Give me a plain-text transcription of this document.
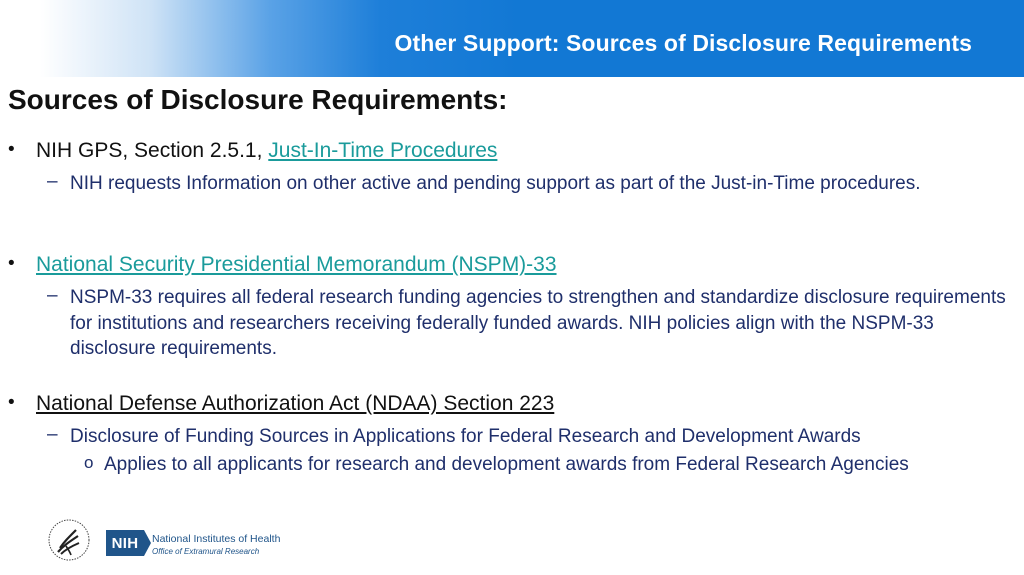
Other Support: Sources of Disclosure Requirements
Sources of Disclosure Requirements:
• NIH GPS, Section 2.5.1, Just-In-Time Procedures
– NIH requests Information on other active and pending support as part of the Just-in-Time procedures.
• National Security Presidential Memorandum (NSPM)-33
– NSPM-33 requires all federal research funding agencies to strengthen and standardize disclosure requirements for institutions and researchers receiving federally funded awards. NIH policies align with the NSPM-33 disclosure requirements.
• National Defense Authorization Act (NDAA) Section 223
– Disclosure of Funding Sources in Applications for Federal Research and Development Awards
o Applies to all applicants for research and development awards from Federal Research Agencies
NIH	National Institutes of Health
Office of Extramural Research
